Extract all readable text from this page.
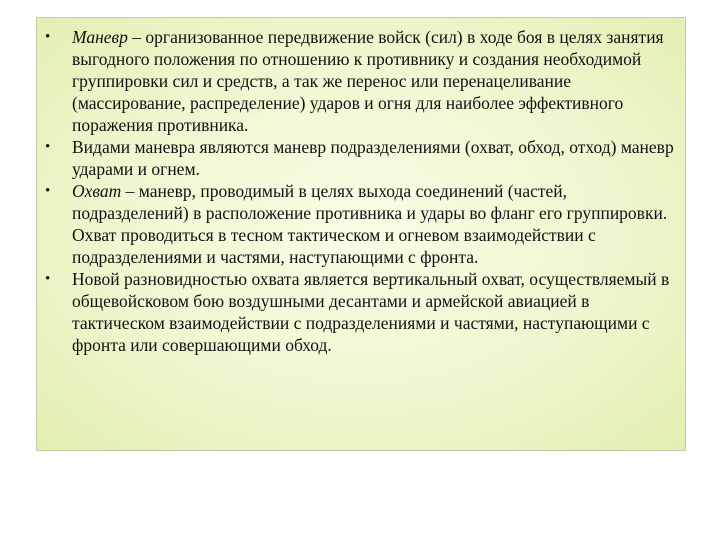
• Маневр – организованное передвижение войск (сил) в ходе боя в целях занятия выгодного положения по отношению к противнику и создания необходимой группировки сил и средств, а так же перенос или перенацеливание (массирование, распределение) ударов и огня для наиболее эффективного поражения противника.
• Видами маневра являются маневр подразделениями (охват, обход, отход) маневр ударами и огнем.
• Охват – маневр, проводимый в целях выхода соединений (частей, подразделений) в расположение противника и удары во фланг его группировки. Охват проводиться в тесном тактическом и огневом взаимодействии с подразделениями и частями, наступающими с фронта.
• Новой разновидностью охвата является вертикальный охват, осуществляемый в общевойсковом бою воздушными десантами и армейской авиацией в тактическом взаимодействии с подразделениями и частями, наступающими с фронта или совершающими обход.
